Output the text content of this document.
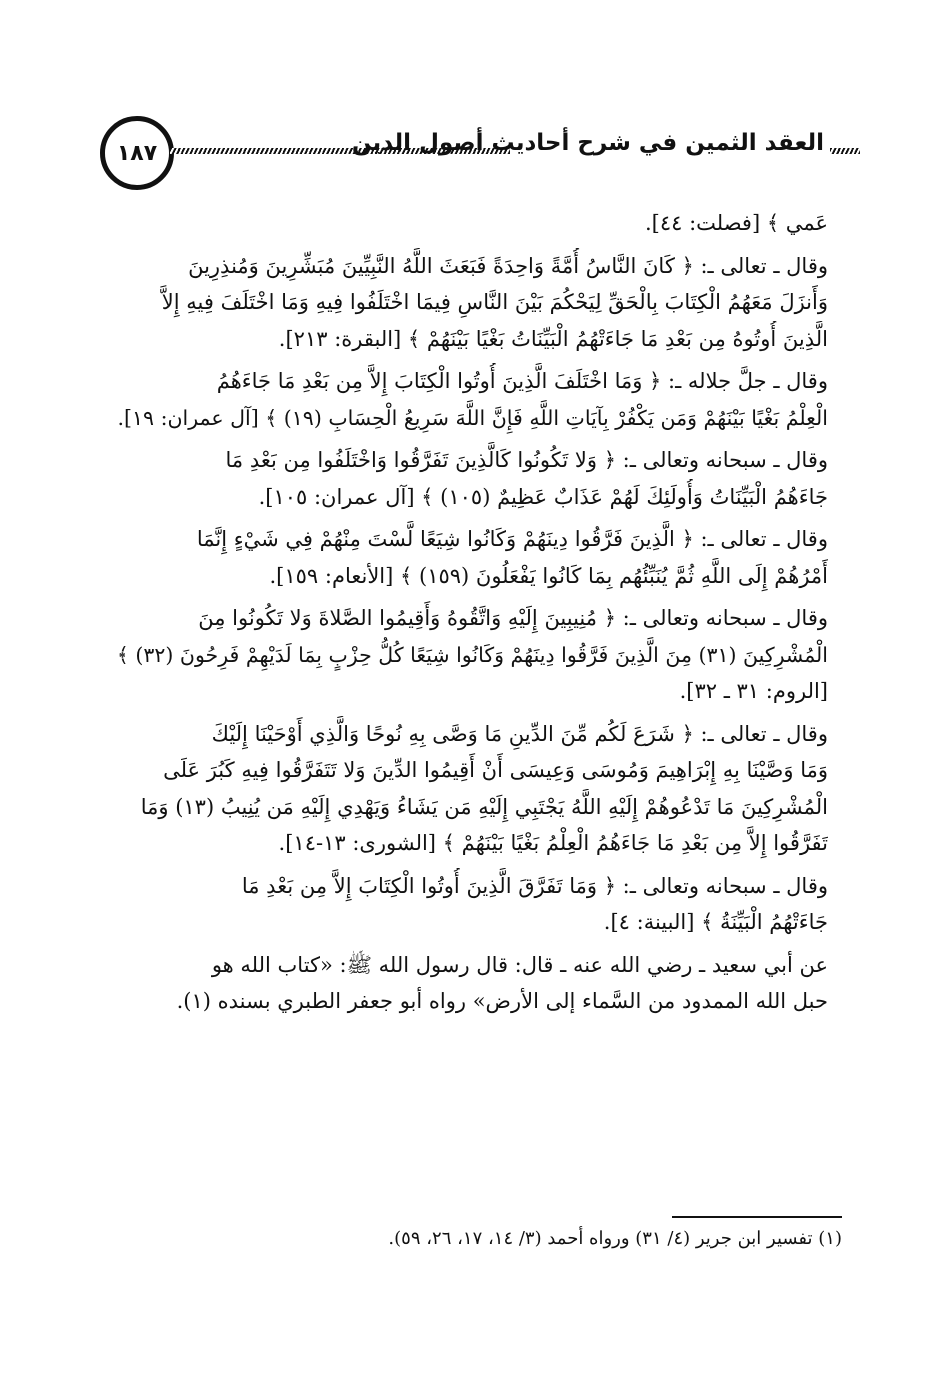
١٨٧	العقد الثمين في شرح أحاديث أصول الدين
عَمي ﴾ [فصلت: ٤٤].
وقال ـ تعالى ـ: ﴿ كَانَ النَّاسُ أُمَّةً وَاحِدَةً فَبَعَثَ اللَّهُ النَّبِيِّينَ مُبَشِّرِينَ وَمُنذِرِينَ
وَأَنزَلَ مَعَهُمُ الْكِتَابَ بِالْحَقِّ لِيَحْكُمَ بَيْنَ النَّاسِ فِيمَا اخْتَلَفُوا فِيهِ وَمَا اخْتَلَفَ فِيهِ إِلاَّ
الَّذِينَ أُوتُوهُ مِن بَعْدِ مَا جَاءَتْهُمُ الْبَيِّنَاتُ بَغْيًا بَيْنَهُمْ ﴾ [البقرة: ٢١٣].
وقال ـ جلَّ جلاله ـ: ﴿ وَمَا اخْتَلَفَ الَّذِينَ أُوتُوا الْكِتَابَ إِلاَّ مِن بَعْدِ مَا جَاءَهُمُ
الْعِلْمُ بَغْيًا بَيْنَهُمْ وَمَن يَكْفُرْ بِآيَاتِ اللَّهِ فَإِنَّ اللَّهَ سَرِيعُ الْحِسَابِ (١٩) ﴾ [آل عمران: ١٩].
وقال ـ سبحانه وتعالى ـ: ﴿ وَلا تَكُونُوا كَالَّذِينَ تَفَرَّقُوا وَاخْتَلَفُوا مِن بَعْدِ مَا
جَاءَهُمُ الْبَيِّنَاتُ وَأُولَئِكَ لَهُمْ عَذَابٌ عَظِيمٌ (١٠٥) ﴾ [آل عمران: ١٠٥].
وقال ـ تعالى ـ: ﴿ الَّذِينَ فَرَّقُوا دِينَهُمْ وَكَانُوا شِيَعًا لَّسْتَ مِنْهُمْ فِي شَيْءٍ إِنَّمَا
أَمْرُهُمْ إِلَى اللَّهِ ثُمَّ يُنَبِّئُهُم بِمَا كَانُوا يَفْعَلُونَ (١٥٩) ﴾ [الأنعام: ١٥٩].
وقال ـ سبحانه وتعالى ـ: ﴿ مُنِيبِينَ إِلَيْهِ وَاتَّقُوهُ وَأَقِيمُوا الصَّلاةَ وَلا تَكُونُوا مِنَ
الْمُشْرِكِينَ (٣١) مِنَ الَّذِينَ فَرَّقُوا دِينَهُمْ وَكَانُوا شِيَعًا كُلُّ حِزْبٍ بِمَا لَدَيْهِمْ فَرِحُونَ (٣٢) ﴾
[الروم: ٣١ ـ ٣٢].
وقال ـ تعالى ـ: ﴿ شَرَعَ لَكُم مِّنَ الدِّينِ مَا وَصَّى بِهِ نُوحًا وَالَّذِي أَوْحَيْنَا إِلَيْكَ
وَمَا وَصَّيْنَا بِهِ إِبْرَاهِيمَ وَمُوسَى وَعِيسَى أَنْ أَقِيمُوا الدِّينَ وَلا تَتَفَرَّقُوا فِيهِ كَبُرَ عَلَى
الْمُشْرِكِينَ مَا تَدْعُوهُمْ إِلَيْهِ اللَّهُ يَجْتَبِي إِلَيْهِ مَن يَشَاءُ وَيَهْدِي إِلَيْهِ مَن يُنِيبُ (١٣) وَمَا
تَفَرَّقُوا إِلاَّ مِن بَعْدِ مَا جَاءَهُمُ الْعِلْمُ بَغْيًا بَيْنَهُمْ ﴾ [الشورى: ١٣-١٤].
وقال ـ سبحانه وتعالى ـ: ﴿ وَمَا تَفَرَّقَ الَّذِينَ أُوتُوا الْكِتَابَ إِلاَّ مِن بَعْدِ مَا
جَاءَتْهُمُ الْبَيِّنَةُ ﴾ [البينة: ٤].
عن أبي سعيد ـ رضي الله عنه ـ قال: قال رسول الله ﷺ: «كتاب الله هو
حبل الله الممدود من السَّماء إلى الأرض» رواه أبو جعفر الطبري بسنده (١).
(١) تفسير ابن جرير (٤/ ٣١) ورواه أحمد (٣/ ١٤، ١٧، ٢٦، ٥٩).
